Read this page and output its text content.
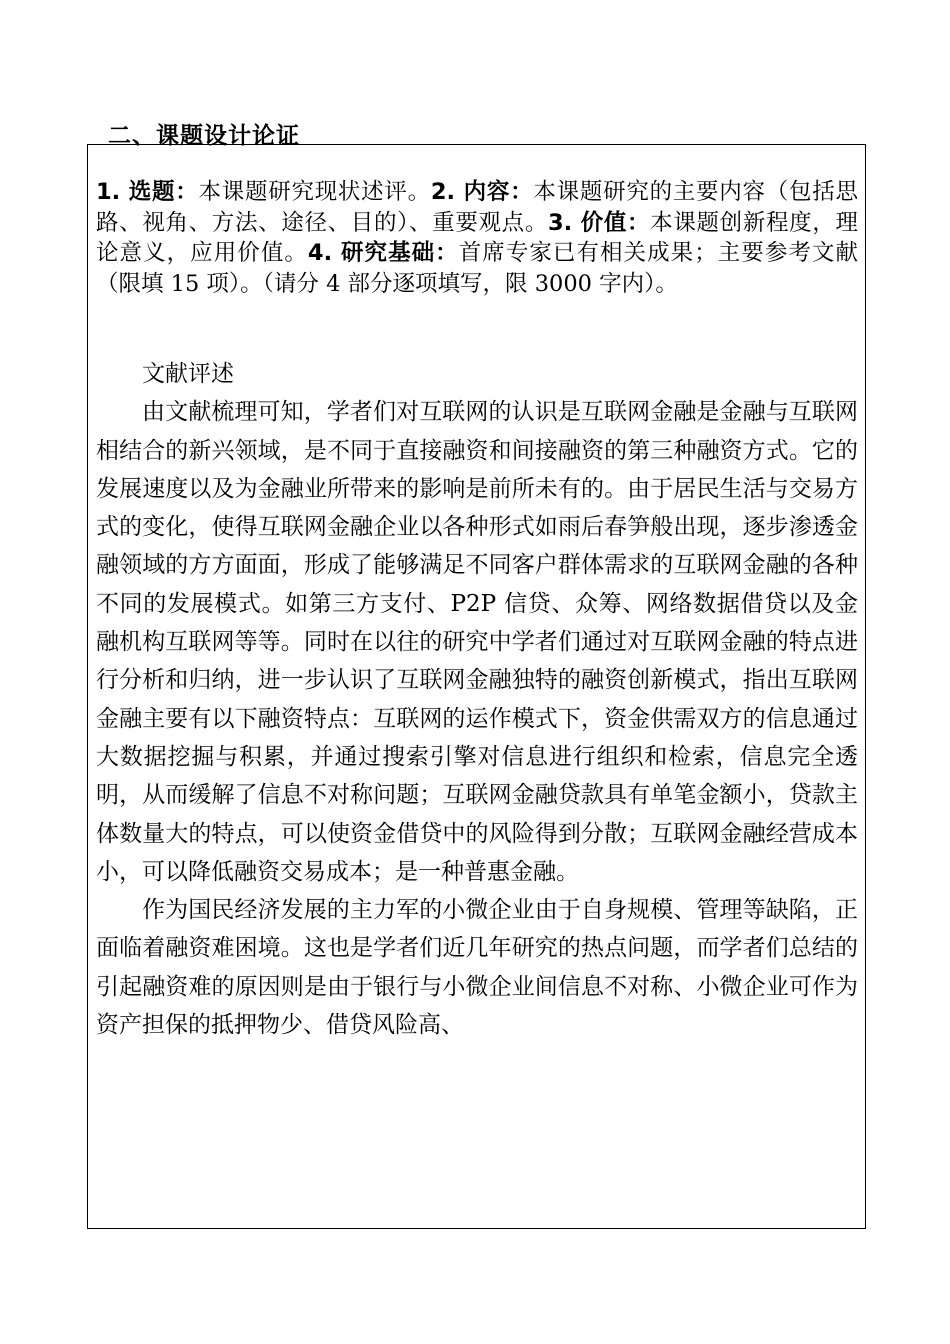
二、课题设计论证
1. 选题：本课题研究现状述评。2. 内容：本课题研究的主要内容（包括思路、视角、方法、途径、目的）、重要观点。3. 价值：本课题创新程度，理论意义，应用价值。4. 研究基础：首席专家已有相关成果；主要参考文献（限填 15 项）。（请分 4 部分逐项填写，限 3000 字内）。

文献评述

由文献梳理可知，学者们对互联网的认识是互联网金融是金融与互联网相结合的新兴领域，是不同于直接融资和间接融资的第三种融资方式。它的发展速度以及为金融业所带来的影响是前所未有的。由于居民生活与交易方式的变化，使得互联网金融企业以各种形式如雨后春笋般出现，逐步渗透金融领域的方方面面，形成了能够满足不同客户群体需求的互联网金融的各种不同的发展模式。如第三方支付、P2P 信贷、众筹、网络数据借贷以及金融机构互联网等等。同时在以往的研究中学者们通过对互联网金融的特点进行分析和归纳，进一步认识了互联网金融独特的融资创新模式，指出互联网金融主要有以下融资特点：互联网的运作模式下，资金供需双方的信息通过大数据挖掘与积累，并通过搜索引擎对信息进行组织和检索，信息完全透明，从而缓解了信息不对称问题；互联网金融贷款具有单笔金额小，贷款主体数量大的特点，可以使资金借贷中的风险得到分散；互联网金融经营成本小，可以降低融资交易成本；是一种普惠金融。

作为国民经济发展的主力军的小微企业由于自身规模、管理等缺陷，正面临着融资难困境。这也是学者们近几年研究的热点问题，而学者们总结的引起融资难的原因则是由于银行与小微企业间信息不对称、小微企业可作为资产担保的抵押物少、借贷风险高、
